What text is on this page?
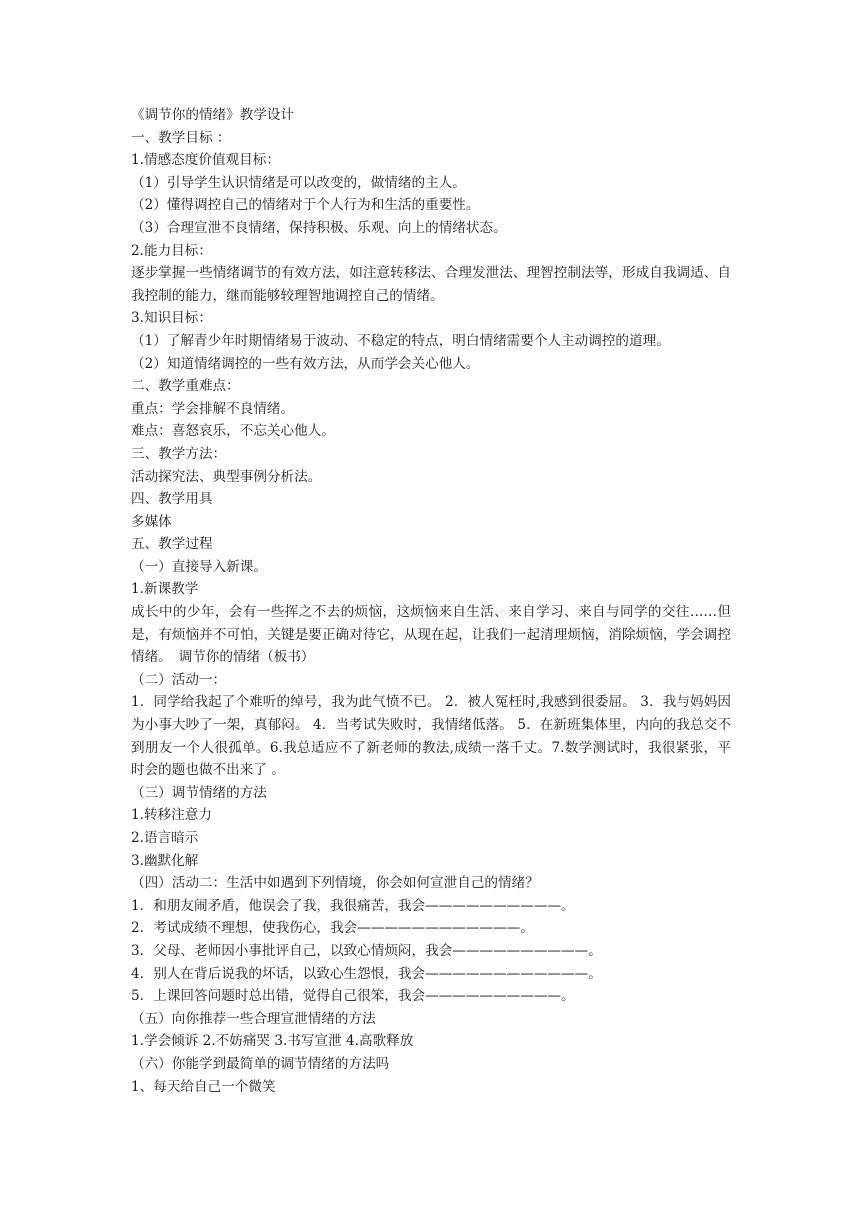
《调节你的情绪》教学设计
一、教学目标 ：
1.情感态度价值观目标：
（1）引导学生认识情绪是可以改变的，做情绪的主人。
（2）懂得调控自己的情绪对于个人行为和生活的重要性。
（3）合理宣泄不良情绪，保持积极、乐观、向上的情绪状态。
2.能力目标：
逐步掌握一些情绪调节的有效方法，如注意转移法、合理发泄法、理智控制法等，形成自我调适、自我控制的能力，继而能够较理智地调控自己的情绪。
3.知识目标：
（1）了解青少年时期情绪易于波动、不稳定的特点，明白情绪需要个人主动调控的道理。
（2）知道情绪调控的一些有效方法，从而学会关心他人。
二、教学重难点：
重点：学会排解不良情绪。
难点：喜怒哀乐，不忘关心他人。
三、教学方法：
活动探究法、典型事例分析法。
四、教学用具
多媒体
五、教学过程
（一）直接导入新课。
1.新课教学
成长中的少年，会有一些挥之不去的烦恼，这烦恼来自生活、来自学习、来自与同学的交往……但是，有烦恼并不可怕，关键是要正确对待它，从现在起，让我们一起清理烦恼，消除烦恼，学会调控情绪。　调节你的情绪（板书）
（二）活动一：
1．同学给我起了个难听的绰号，我为此气愤不已。 2．被人冤枉时,我感到很委屈。 3．我与妈妈因为小事大吵了一架，真郁闷。 4．当考试失败时，我情绪低落。 5．在新班集体里，内向的我总交不到朋友一个人很孤单。6.我总适应不了新老师的教法,成绩一落千丈。7.数学测试时，我很紧张，平时会的题也做不出来了 。
（三）调节情绪的方法
1.转移注意力
2.语言暗示
3.幽默化解
（四）活动二：生活中如遇到下列情境，你会如何宣泄自己的情绪？
1．和朋友闹矛盾，他误会了我，我很痛苦，我会——————————。
2．考试成绩不理想，使我伤心，我会————————————。
3．父母、老师因小事批评自己，以致心情烦闷，我会——————————。
4．别人在背后说我的坏话，以致心生怨恨，我会————————————。
5．上课回答问题时总出错，觉得自己很笨，我会——————————。
（五）向你推荐一些合理宣泄情绪的方法
1.学会倾诉 2.不妨痛哭 3.书写宣泄 4.高歌释放
（六）你能学到最简单的调节情绪的方法吗
1、每天给自己一个微笑
